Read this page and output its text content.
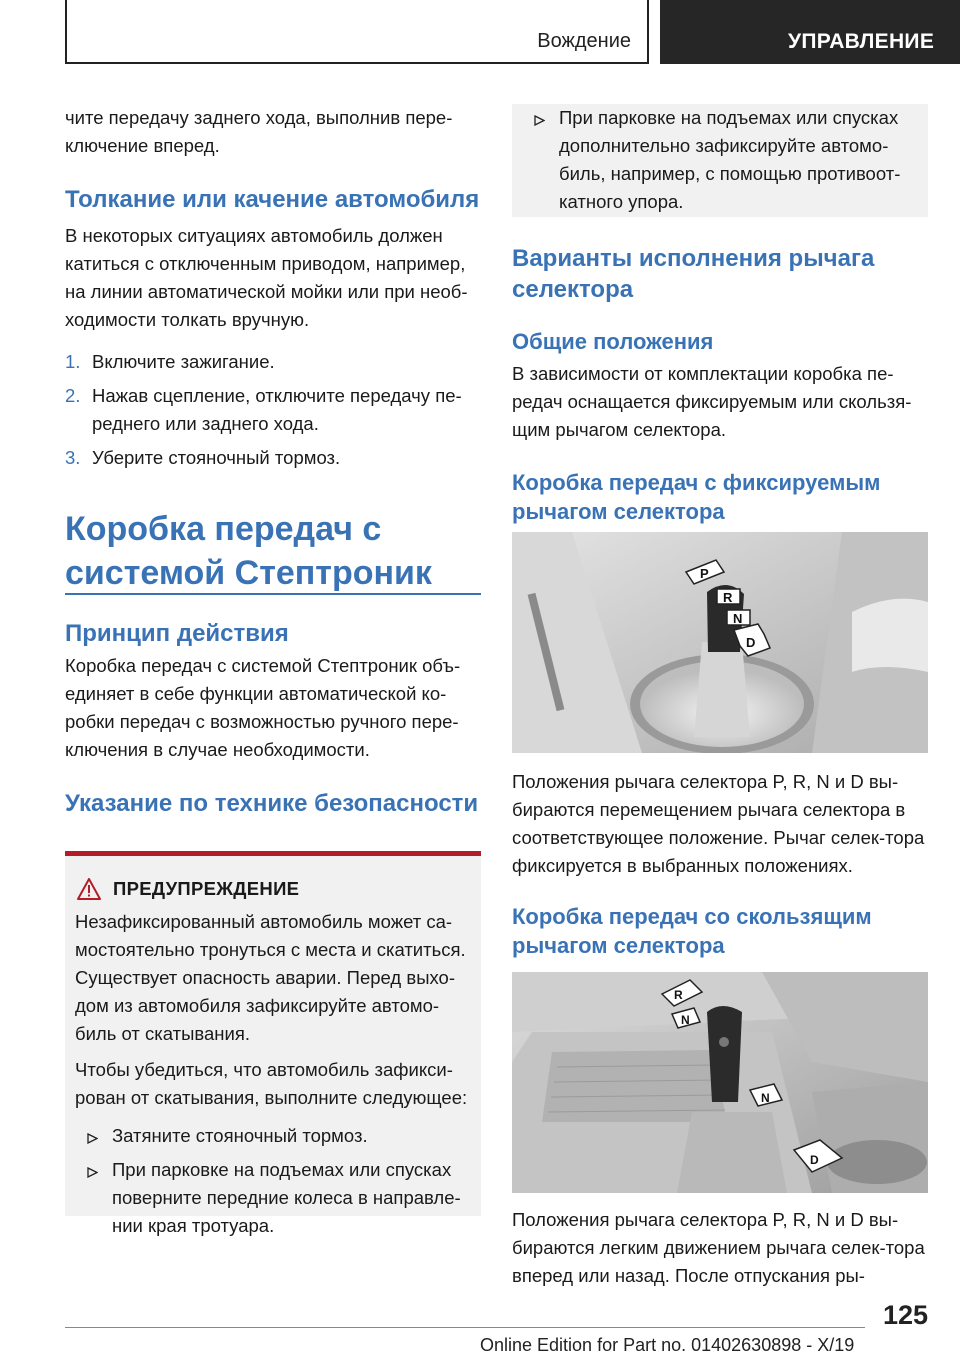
Вождение	УПРАВЛЕНИЕ

чите передачу заднего хода, выполнив пере-ключение вперед.

Толкание или качение автомобиля

В некоторых ситуациях автомобиль должен катиться с отключенным приводом, например, на линии автоматической мойки или при необ-ходимости толкать вручную.

1. Включите зажигание.
2. Нажав сцепление, отключите передачу пе-реднего или заднего хода.
3. Уберите стояночный тормоз.

Коробка передач с системой Стептроник

Принцип действия

Коробка передач с системой Стептроник объ-единяет в себе функции автоматической ко-робки передач с возможностью ручного пере-ключения в случае необходимости.

Указание по технике безопасности

ПРЕДУПРЕЖДЕНИЕ

Незафиксированный автомобиль может са-мостоятельно тронуться с места и скатиться. Существует опасность аварии. Перед выхо-дом из автомобиля зафиксируйте автомо-биль от скатывания.

Чтобы убедиться, что автомобиль зафикси-рован от скатывания, выполните следующее:

Затяните стояночный тормоз.
При парковке на подъемах или спусках поверните передние колеса в направле-нии края тротуара.
При парковке на подъемах или спусках дополнительно зафиксируйте автомо-биль, например, с помощью противоот-катного упора.

Варианты исполнения рычага селектора

Общие положения

В зависимости от комплектации коробка пе-редач оснащается фиксируемым или скользя-щим рычагом селектора.

Коробка передач с фиксируемым рычагом селектора

P
R
N
D

Положения рычага селектора P, R, N и D вы-бираются перемещением рычага селектора в соответствующее положение. Рычаг селек-тора фиксируется в выбранных положениях.

Коробка передач со скользящим рычагом селектора

R
N
N
D

Положения рычага селектора P, R, N и D вы-бираются легким движением рычага селек-тора вперед или назад. После отпускания ры-

125
Online Edition for Part no. 01402630898 - X/19
